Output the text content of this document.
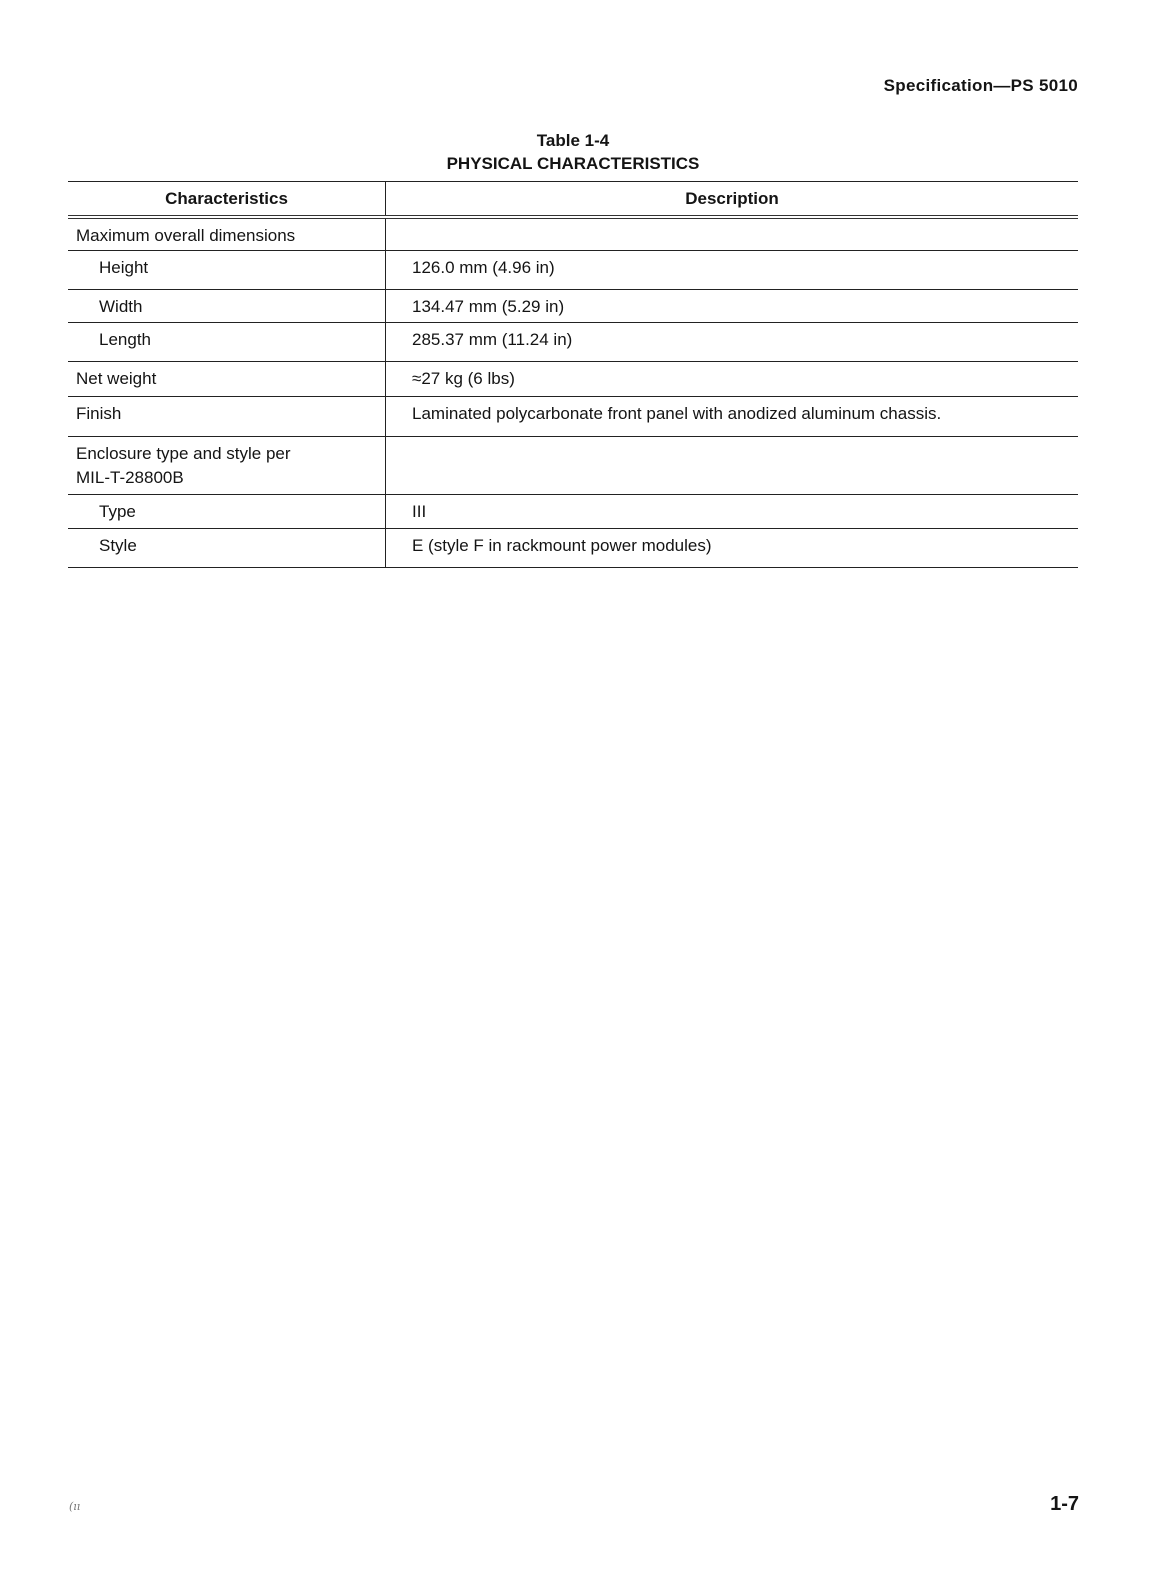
Specification—PS 5010
Table 1-4
PHYSICAL CHARACTERISTICS
Characteristics	Description
Maximum overall dimensions	
Height	126.0 mm (4.96 in)
Width	134.47 mm (5.29 in)
Length	285.37 mm (11.24 in)
Net weight	≈27 kg (6 lbs)
Finish	Laminated polycarbonate front panel with anodized aluminum chassis.
Enclosure type and style per MIL-T-28800B	
Type	III
Style	E (style F in rackmount power modules)
(ıı	1-7
